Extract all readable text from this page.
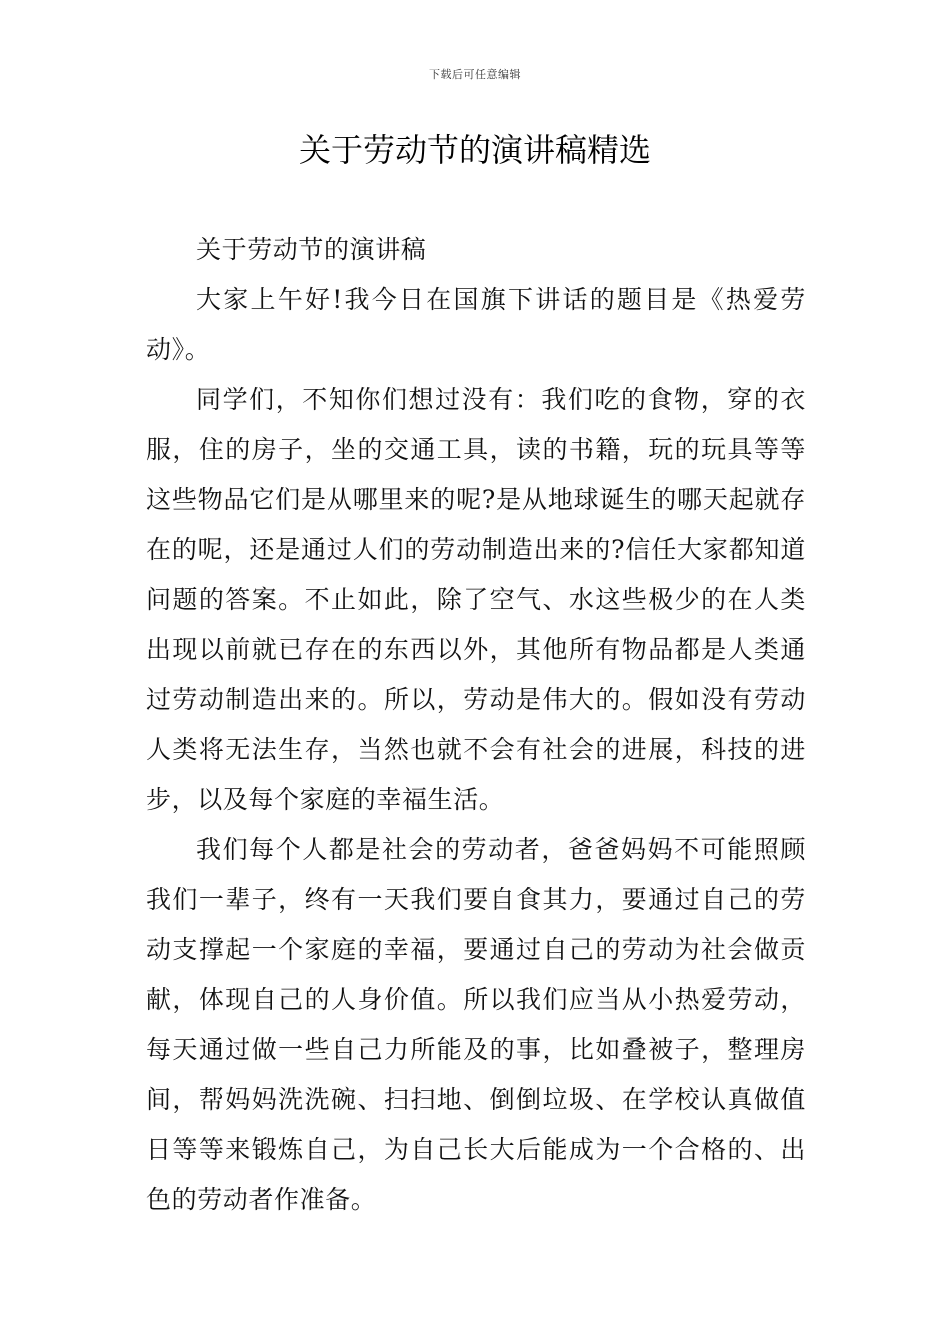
下载后可任意编辑
关于劳动节的演讲稿精选

关于劳动节的演讲稿

大家上午好!我今日在国旗下讲话的题目是《热爱劳动》。

同学们，不知你们想过没有：我们吃的食物，穿的衣服，住的房子，坐的交通工具，读的书籍，玩的玩具等等这些物品它们是从哪里来的呢?是从地球诞生的哪天起就存在的呢，还是通过人们的劳动制造出来的?信任大家都知道问题的答案。不止如此，除了空气、水这些极少的在人类出现以前就已存在的东西以外，其他所有物品都是人类通过劳动制造出来的。所以，劳动是伟大的。假如没有劳动人类将无法生存，当然也就不会有社会的进展，科技的进步，以及每个家庭的幸福生活。

我们每个人都是社会的劳动者，爸爸妈妈不可能照顾我们一辈子，终有一天我们要自食其力，要通过自己的劳动支撑起一个家庭的幸福，要通过自己的劳动为社会做贡献，体现自己的人身价值。所以我们应当从小热爱劳动，每天通过做一些自己力所能及的事，比如叠被子，整理房间，帮妈妈洗洗碗、扫扫地、倒倒垃圾、在学校认真做值日等等来锻炼自己，为自己长大后能成为一个合格的、出色的劳动者作准备。
